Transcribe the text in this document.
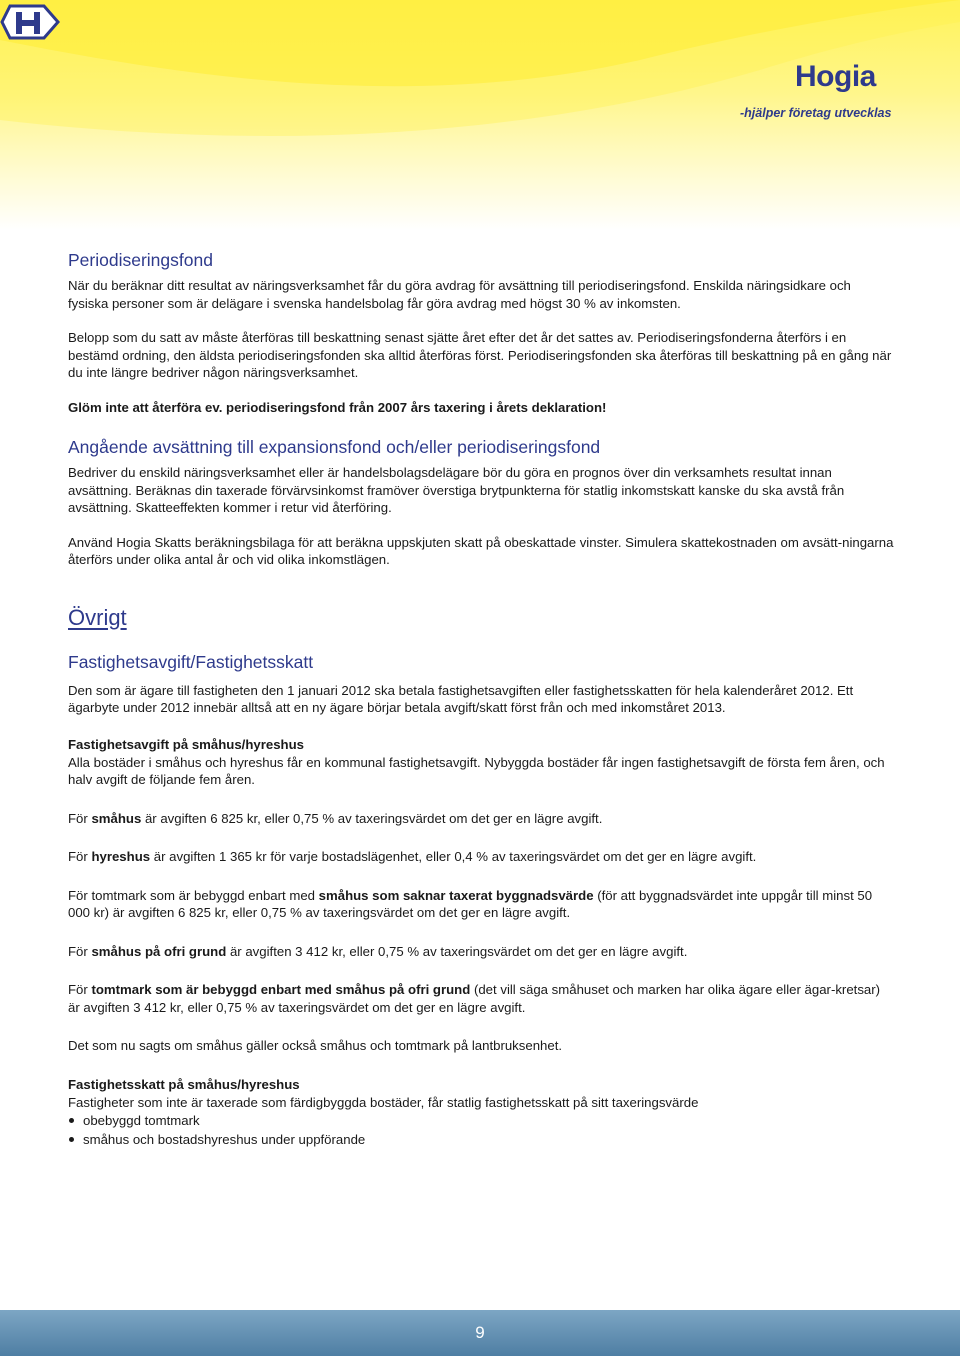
Hogia
-hjälper företag utvecklas
Periodiseringsfond

När du beräknar ditt resultat av näringsverksamhet får du göra avdrag för avsättning till periodiseringsfond. Enskilda näringsidkare och fysiska personer som är delägare i svenska handelsbolag får göra avdrag med högst 30 % av inkomsten.

Belopp som du satt av måste återföras till beskattning senast sjätte året efter det år det sattes av. Periodiseringsfonderna återförs i en bestämd ordning, den äldsta periodiseringsfonden ska alltid återföras först. Periodiseringsfonden ska återföras till beskattning på en gång när du inte längre bedriver någon näringsverksamhet.

Glöm inte att återföra ev. periodiseringsfond från 2007 års taxering i årets deklaration!

Angående avsättning till expansionsfond och/eller periodiseringsfond

Bedriver du enskild näringsverksamhet eller är handelsbolagsdelägare bör du göra en prognos över din verksamhets resultat innan avsättning. Beräknas din taxerade förvärvsinkomst framöver överstiga brytpunkterna för statlig inkomstskatt kanske du ska avstå från avsättning. Skatteeffekten kommer i retur vid återföring.

Använd Hogia Skatts beräkningsbilaga för att beräkna uppskjuten skatt på obeskattade vinster. Simulera skattekostnaden om avsätt-ningarna återförs under olika antal år och vid olika inkomstlägen.

Övrigt
Fastighetsavgift/Fastighetsskatt

Den som är ägare till fastigheten den 1 januari 2012 ska betala fastighetsavgiften eller fastighetsskatten för hela kalenderåret 2012. Ett ägarbyte under 2012 innebär alltså att en ny ägare börjar betala avgift/skatt först från och med inkomståret 2013.

Fastighetsavgift på småhus/hyreshus

Alla bostäder i småhus och hyreshus får en kommunal fastighetsavgift. Nybyggda bostäder får ingen fastighetsavgift de första fem åren, och halv avgift de följande fem åren.

För småhus är avgiften 6 825 kr, eller 0,75 % av taxeringsvärdet om det ger en lägre avgift.

För hyreshus är avgiften 1 365 kr för varje bostadslägenhet, eller 0,4 % av taxeringsvärdet om det ger en lägre avgift.

För tomtmark som är bebyggd enbart med småhus som saknar taxerat byggnadsvärde (för att byggnadsvärdet inte uppgår till minst 50 000 kr) är avgiften 6 825 kr, eller 0,75 % av taxeringsvärdet om det ger en lägre avgift.

För småhus på ofri grund är avgiften 3 412 kr, eller 0,75 % av taxeringsvärdet om det ger en lägre avgift.

För tomtmark som är bebyggd enbart med småhus på ofri grund (det vill säga småhuset och marken har olika ägare eller ägar-kretsar) är avgiften 3 412 kr, eller 0,75 % av taxeringsvärdet om det ger en lägre avgift.

Det som nu sagts om småhus gäller också småhus och tomtmark på lantbruksenhet.

Fastighetsskatt på småhus/hyreshus

Fastigheter som inte är taxerade som färdigbyggda bostäder, får statlig fastighetsskatt på sitt taxeringsvärde

obebyggd tomtmark
småhus och bostadshyreshus under uppförande
9
